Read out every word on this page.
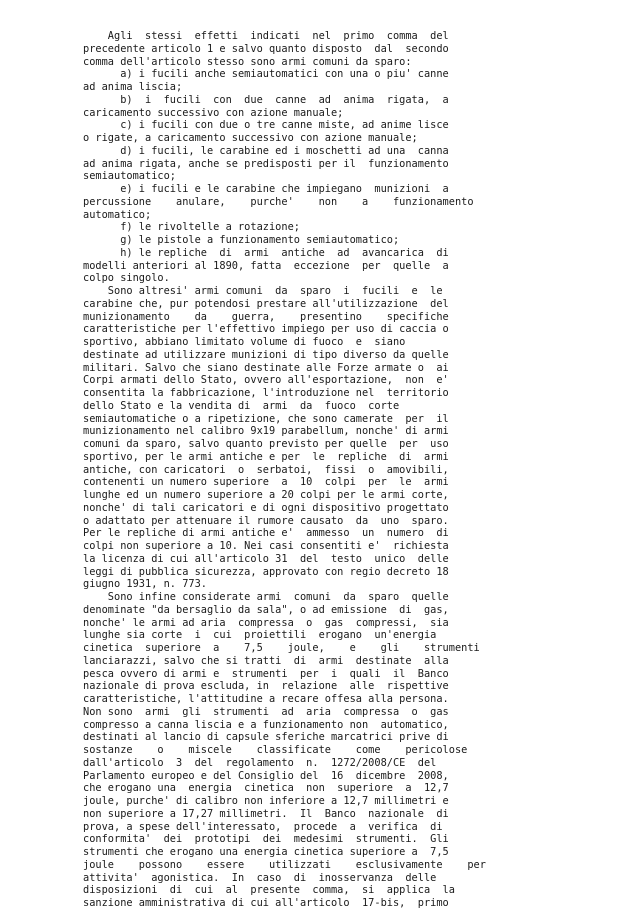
Agli  stessi  effetti  indicati  nel  primo  comma  del
precedente articolo 1 e salvo quanto disposto  dal  secondo
comma dell'articolo stesso sono armi comuni da sparo:
a) i fucili anche semiautomatici con una o piu' canne
ad anima liscia;
b)  i  fucili  con  due  canne  ad  anima  rigata,  a
caricamento successivo con azione manuale;
c) i fucili con due o tre canne miste, ad anime lisce
o rigate, a caricamento successivo con azione manuale;
d) i fucili, le carabine ed i moschetti ad una  canna
ad anima rigata, anche se predisposti per il  funzionamento
semiautomatico;
e) i fucili e le carabine che impiegano  munizioni  a
percussione    anulare,    purche'    non    a    funzionamento
automatico;
f) le rivoltelle a rotazione;
g) le pistole a funzionamento semiautomatico;
h) le repliche  di  armi  antiche  ad  avancarica  di
modelli anteriori al 1890, fatta  eccezione  per  quelle  a
colpo singolo.
Sono altresi' armi comuni  da  sparo  i  fucili  e  le
carabine che, pur potendosi prestare all'utilizzazione  del
munizionamento    da    guerra,    presentino    specifiche
caratteristiche per l'effettivo impiego per uso di caccia o
sportivo, abbiano limitato volume di fuoco  e  siano
destinate ad utilizzare munizioni di tipo diverso da quelle
militari. Salvo che siano destinate alle Forze armate o  ai
Corpi armati dello Stato, ovvero all'esportazione,  non  e'
consentita la fabbricazione, l'introduzione nel  territorio
dello Stato e la vendita di  armi  da  fuoco  corte
semiautomatiche o a ripetizione, che sono camerate  per  il
munizionamento nel calibro 9x19 parabellum, nonche' di armi
comuni da sparo, salvo quanto previsto per quelle  per  uso
sportivo, per le armi antiche e per  le  repliche  di  armi
antiche, con caricatori  o  serbatoi,  fissi  o  amovibili,
contenenti un numero superiore  a  10  colpi  per  le  armi
lunghe ed un numero superiore a 20 colpi per le armi corte,
nonche' di tali caricatori e di ogni dispositivo progettato
o adattato per attenuare il rumore causato  da  uno  sparo.
Per le repliche di armi antiche e'  ammesso  un  numero  di
colpi non superiore a 10. Nei casi consentiti e'  richiesta
la licenza di cui all'articolo 31  del  testo  unico  delle
leggi di pubblica sicurezza, approvato con regio decreto 18
giugno 1931, n. 773.
Sono infine considerate armi  comuni  da  sparo  quelle
denominate "da bersaglio da sala", o ad emissione  di  gas,
nonche' le armi ad aria  compressa  o  gas  compressi,  sia
lunghe sia corte  i  cui  proiettili  erogano  un'energia
cinetica  superiore  a    7,5    joule,    e    gli    strumenti
lanciarazzi, salvo che si tratti  di  armi  destinate  alla
pesca ovvero di armi e  strumenti  per  i  quali  il  Banco
nazionale di prova escluda, in  relazione  alle  rispettive
caratteristiche, l'attitudine a recare offesa alla persona.
Non sono  armi  gli  strumenti  ad  aria  compressa  o  gas
compresso a canna liscia e a funzionamento non  automatico,
destinati al lancio di capsule sferiche marcatrici prive di
sostanze    o    miscele    classificate    come    pericolose
dall'articolo  3  del  regolamento  n.  1272/2008/CE  del
Parlamento europeo e del Consiglio del  16  dicembre  2008,
che erogano una  energia  cinetica  non  superiore  a  12,7
joule, purche' di calibro non inferiore a 12,7 millimetri e
non superiore a 17,27 millimetri.  Il  Banco  nazionale  di
prova, a spese dell'interessato,  procede  a  verifica  di
conformita'  dei  prototipi  dei  medesimi  strumenti.  Gli
strumenti che erogano una energia cinetica superiore a  7,5
joule    possono    essere    utilizzati    esclusivamente    per
attivita'  agonistica.  In  caso  di  inosservanza  delle
disposizioni  di  cui  al  presente  comma,  si  applica  la
sanzione amministrativa di cui all'articolo  17-bis,  primo
